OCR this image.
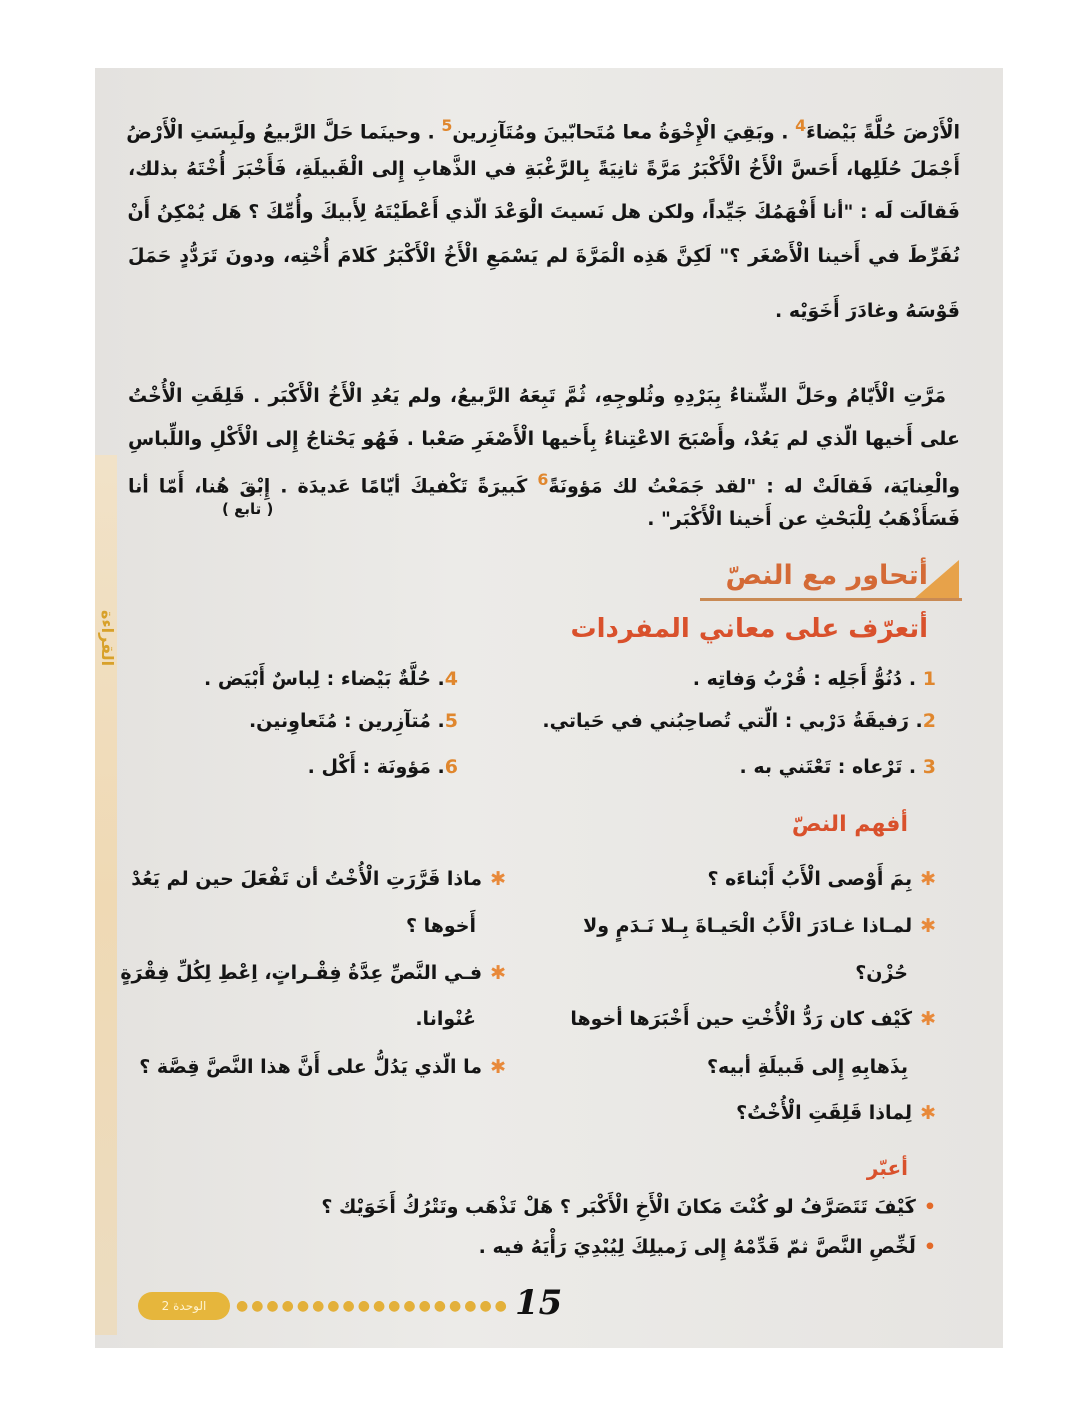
القراءة
الْأَرْضَ حُلَّةً بَيْضاءَ$^4$ . وبَقِيَ الْإِخْوَةُ معا مُتَحابّينَ ومُتَآزِرين$^5$ . وحينَما حَلَّ الرَّبيعُ ولَبِسَتِ الْأَرْضُ
أَجْمَلَ حُلَلِها، أَحَسَّ الْأَخُ الْأَكْبَرُ مَرَّةً ثانِيَةً بِالرَّغْبَةِ في الذَّهابِ إِلى الْقَبيلَةِ، فَأَخْبَرَ أُخْتَهُ بذلك،
فَقالَت لَه : "أنا أَفْهَمُكَ جَيِّداً، ولكن هل نَسيتَ الْوَعْدَ الّذي أَعْطَيْتَهُ لِأَبيكَ وأُمِّكَ ؟ هَل يُمْكِنُ أَنْ
نُفَرِّطَ في أَخينا الْأَصْغَر ؟" لَكِنَّ هَذِه الْمَرَّةَ لم يَسْمَعِ الْأَخُ الْأَكْبَرُ كَلامَ أُخْتِه، ودونَ تَرَدُّدٍ حَمَلَ
قَوْسَهُ وغادَرَ أَخَوَيْه .
مَرَّتِ الْأَيّامُ وحَلَّ الشِّتاءُ بِبَرْدِهِ وثُلوجِهِ، ثُمَّ تَبِعَهُ الرَّبيعُ، ولم يَعُدِ الْأَخُ الْأَكْبَر . قَلِقَتِ الْأُخْتُ
على أَخيها الّذي لم يَعُدْ، وأَصْبَحَ الاعْتِناءُ بِأَخيها الْأَصْغَرِ صَعْبا . فَهُو يَحْتاجُ إِلى الْأَكْلِ واللِّباسِ
والْعِنايَة، فَقالَتْ له : "لقد جَمَعْتُ لك مَؤونَةً$^6$ كَبيرَةً تَكْفيكَ أيّامًا عَديدَة . إِبْقَ هُنا، أَمّا أنا
فَسَأَذْهَبُ لِلْبَحْثِ عن أَخينا الْأَكْبَر" .
( تابع )
أتحاور مع النصّ
أتعرّف على معاني المفردات
1 . دُنُوُّ أَجَلِه : قُرْبُ وَفاتِه .
2. رَفيقَةُ دَرْبي : الّتي تُصاحِبُني في حَياتي.
3 . تَرْعاه : تَعْتَني به .
4. حُلَّةٌ بَيْضاء : لِباسٌ أَبْيَض .
5. مُتآزِرين : مُتَعاوِنين.
6. مَؤونَة : أَكْل .
أفهم النصّ
✱بِمَ أَوْصى الْأَبُ أَبْناءَه ؟
✱لمـاذا غـادَرَ الْأَبُ الْحَيـاةَ بِـلا نَـدَمٍ ولا
حُزْن؟
✱كَيْف كان رَدُّ الْأُخْتِ حين أَخْبَرَها أخوها
بِذَهابِهِ إِلى قَبيلَةِ أبيه؟
✱لِماذا قَلِقَتِ الْأُخْتُ؟
✱ماذا قَرَّرَتِ الْأُخْتُ أن تَفْعَلَ حين لم يَعُدْ
أَخوها ؟
✱فـي النَّصِّ عِدَّةُ فِقْـراتٍ، اِعْطِ لِكُلِّ فِقْرَةٍ
عُنْوانا.
✱ما الّذي يَدُلُّ على أَنَّ هذا النَّصَّ قِصَّة ؟
أعبّر
•كَيْفَ تَتَصَرَّفُ لو كُنْتَ مَكانَ الْأَخِ الْأَكْبَر ؟ هَلْ تَذْهَب وتَتْرُكُ أَخَوَيْك ؟
•لَخِّصِ النَّصَّ ثمّ قَدِّمْهُ إِلى زَميلِكَ لِيُبْدِيَ رَأْيَهُ فيه .
الوحدة 2	●●●●●●●●●●●●●●●●●● 15
